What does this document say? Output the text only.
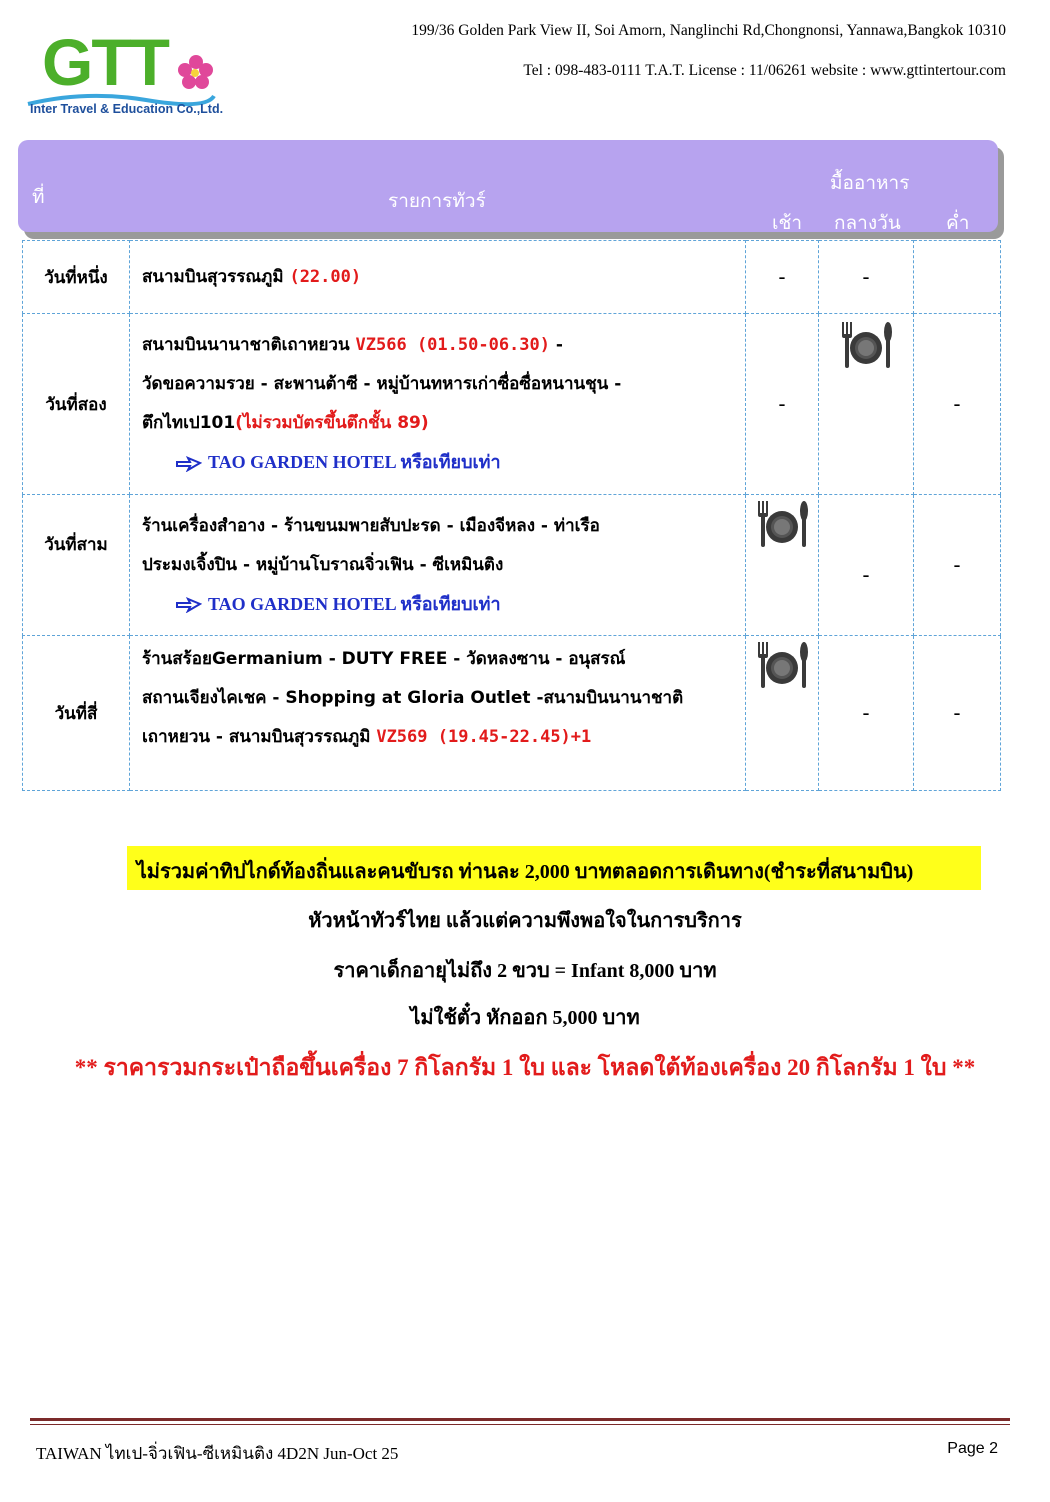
GTT
Inter Travel & Education Co.,Ltd.
199/36 Golden Park View II, Soi Amorn, Nanglinchi Rd,Chongnonsi, Yannawa,Bangkok 10310
Tel : 098-483-0111 T.A.T. License : 11/06261 website : www.gttintertour.com
ที่	รายการทัวร์
มื้ออาหาร
เช้า กลางวัน ค่ำ
วันที่หนึ่ง	สนามบินสุวรรณภูมิ (22.00)	-	-	
วันที่สอง	สนามบินนานาชาติเถาหยวน VZ566 (01.50-06.30) -
วัดขอความรวย - สะพานต้าซี - หมู่บ้านทหารเก่าซื่อซื่อหนานชุน -
ตึกไทเป101(ไม่รวมบัตรขึ้นตึกชั้น 89)
TAO GARDEN HOTEL หรือเทียบเท่า	-		-
วันที่สาม	ร้านเครื่องสำอาง - ร้านขนมพายสับปะรด - เมืองจีหลง - ท่าเรือ
ประมงเจิ้งปิน - หมู่บ้านโบราณจิ่วเฟิน - ซีเหมินติง
TAO GARDEN HOTEL หรือเทียบเท่า		-	-
วันที่สี่	ร้านสร้อยGermanium - DUTY FREE - วัดหลงซาน - อนุสรณ์
สถานเจียงไคเชค - Shopping at Gloria Outlet -สนามบินนานาชาติ
เถาหยวน - สนามบินสุวรรณภูมิ VZ569 (19.45-22.45)+1		-	-
ไม่รวมค่าทิปไกด์ท้องถิ่นและคนขับรถ ท่านละ 2,000 บาทตลอดการเดินทาง(ชำระที่สนามบิน)
หัวหน้าทัวร์ไทย แล้วแต่ความพึงพอใจในการบริการ
ราคาเด็กอายุไม่ถึง 2 ขวบ = Infant 8,000 บาท
ไม่ใช้ตั๋ว หักออก 5,000 บาท
** ราคารวมกระเป๋าถือขึ้นเครื่อง 7 กิโลกรัม 1 ใบ และ โหลดใต้ท้องเครื่อง 20 กิโลกรัม 1 ใบ **
TAIWAN ไทเป-จิ่วเฟิน-ซีเหมินติง 4D2N Jun-Oct 25	Page 2
